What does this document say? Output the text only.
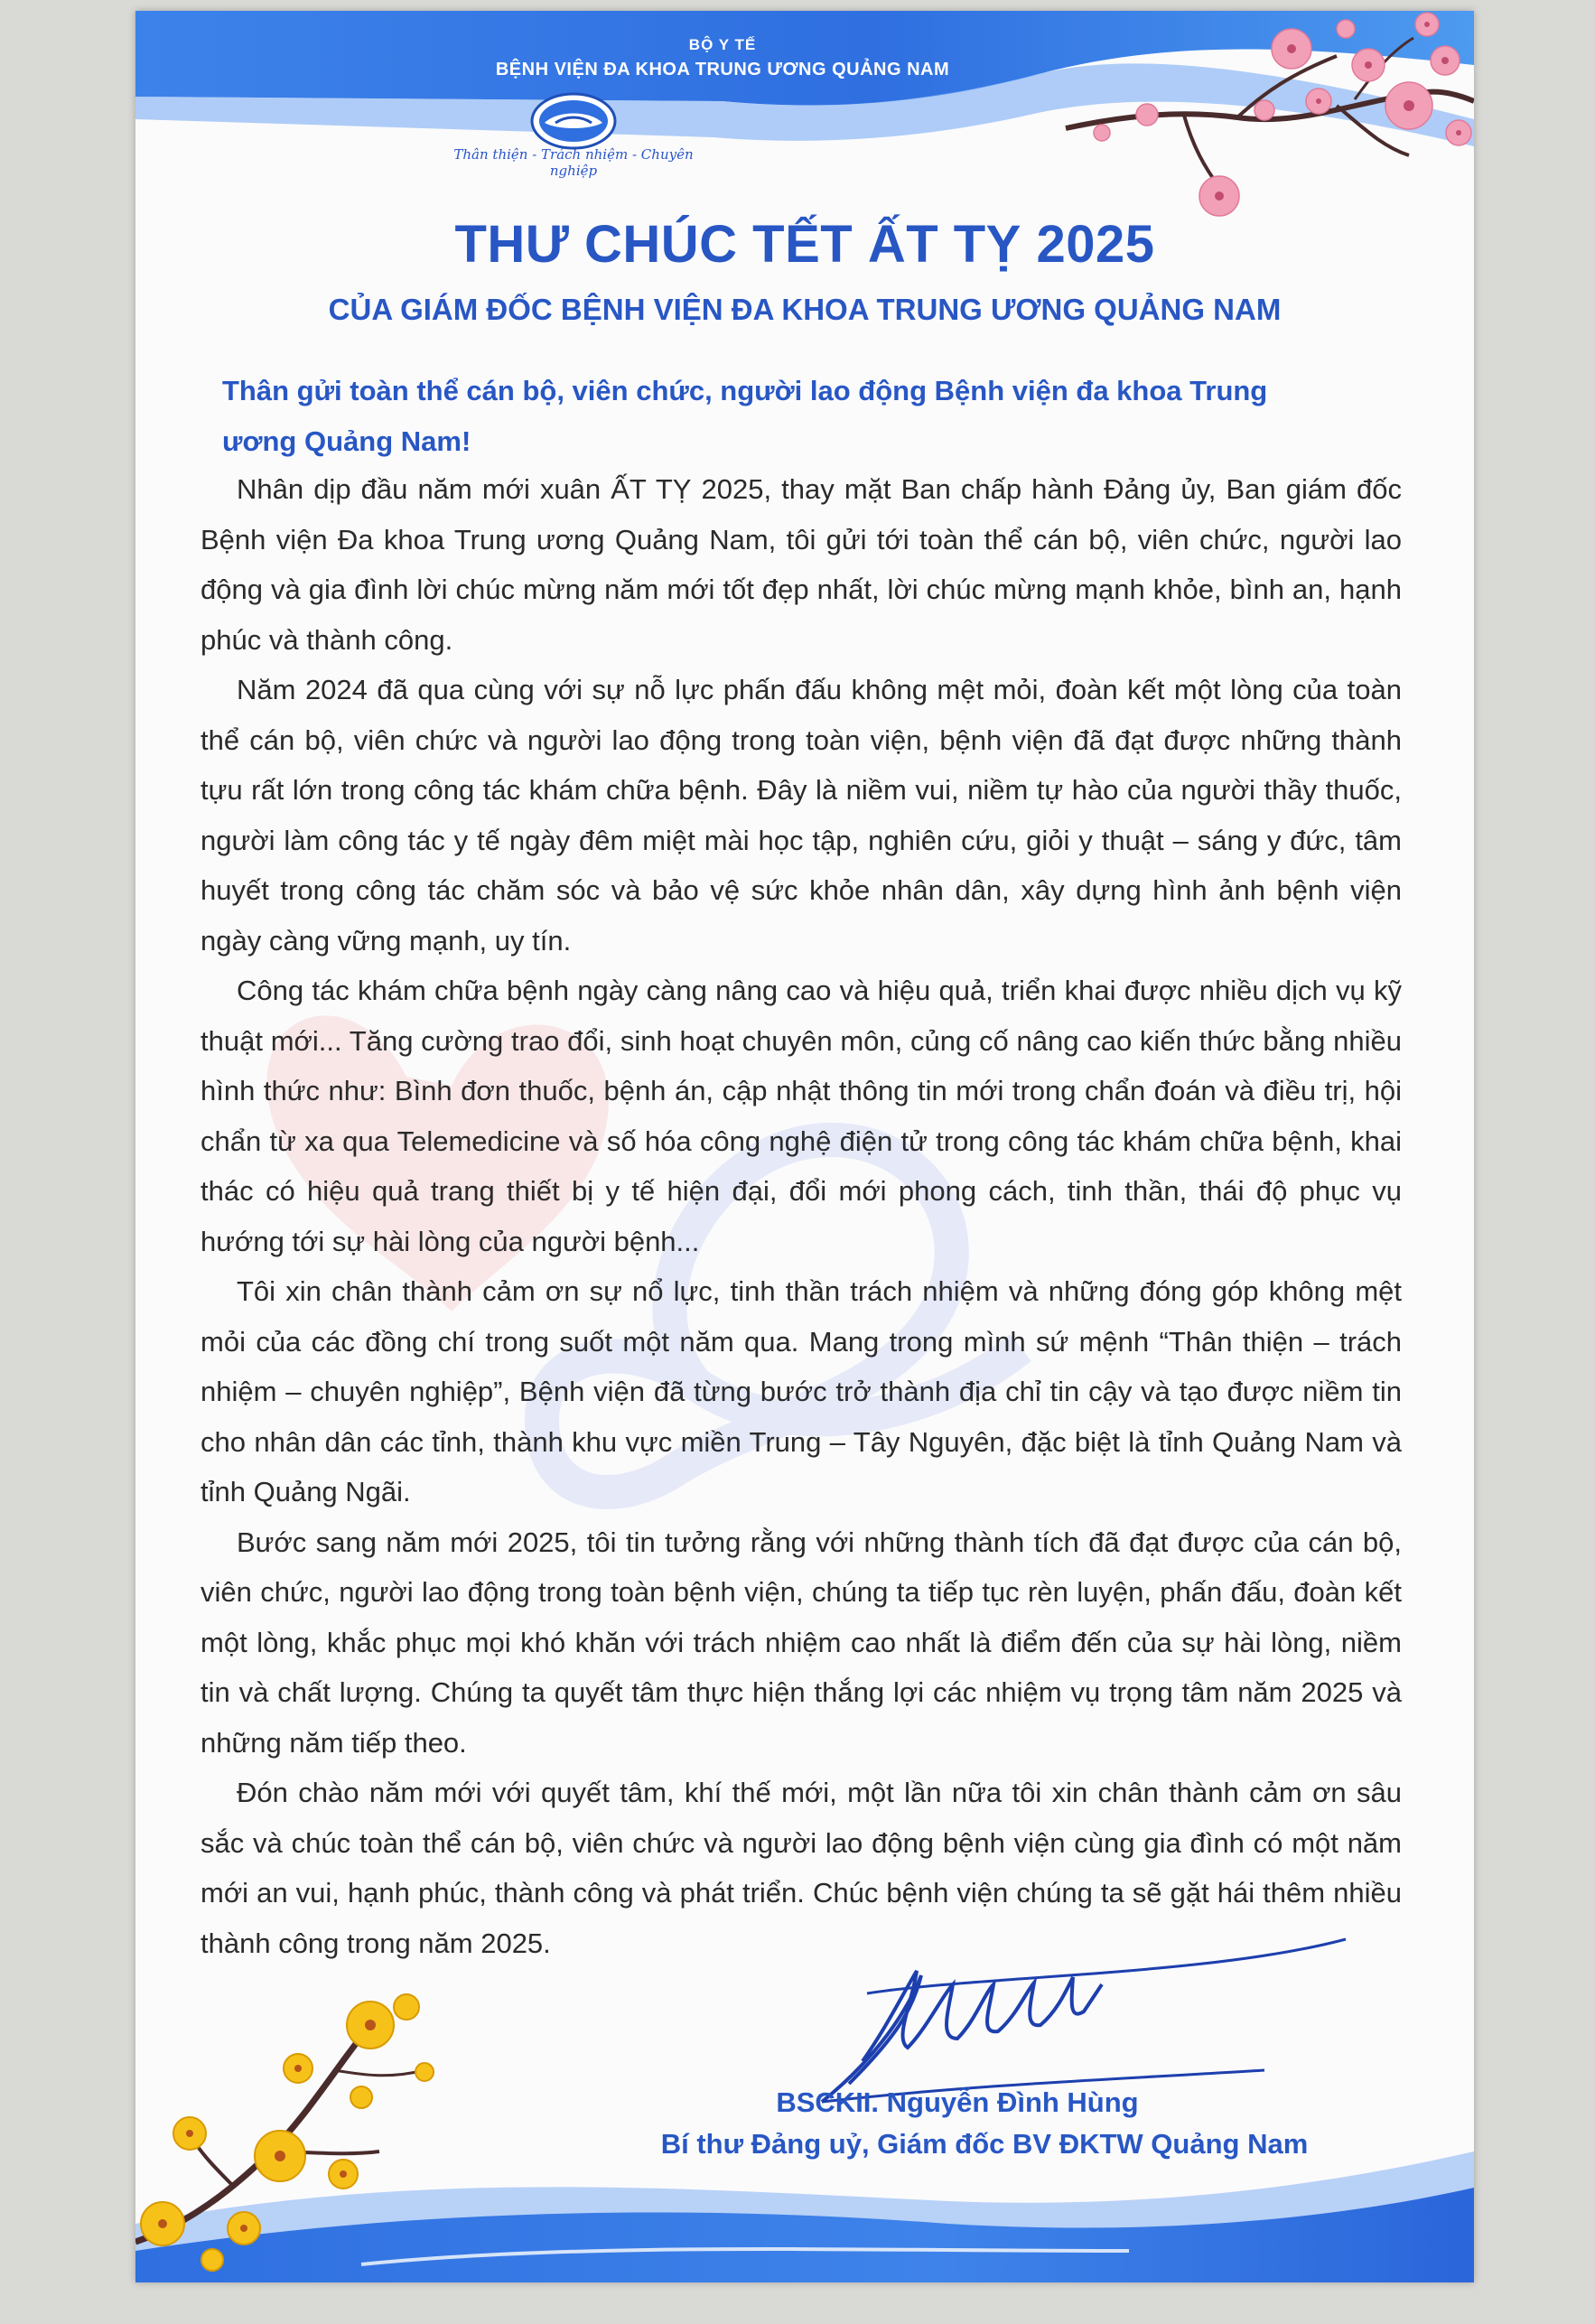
BỘ Y TẾ
BỆNH VIỆN ĐA KHOA TRUNG ƯƠNG QUẢNG NAM
Thân thiện - Trách nhiệm - Chuyên nghiệp
THƯ CHÚC TẾT ẤT TỴ 2025
CỦA GIÁM ĐỐC BỆNH VIỆN ĐA KHOA TRUNG ƯƠNG QUẢNG NAM
Thân gửi toàn thể cán bộ, viên chức, người lao động Bệnh viện đa khoa Trung ương Quảng Nam!

Nhân dịp đầu năm mới xuân ẤT TỴ 2025, thay mặt Ban chấp hành Đảng ủy, Ban giám đốc Bệnh viện Đa khoa Trung ương Quảng Nam, tôi gửi tới toàn thể cán bộ, viên chức, người lao động và gia đình lời chúc mừng năm mới tốt đẹp nhất, lời chúc mừng mạnh khỏe, bình an, hạnh phúc và thành công.

Năm 2024 đã qua cùng với sự nỗ lực phấn đấu không mệt mỏi, đoàn kết một lòng của toàn thể cán bộ, viên chức và người lao động trong toàn viện, bệnh viện đã đạt được những thành tựu rất lớn trong công tác khám chữa bệnh. Đây là niềm vui, niềm tự hào của người thầy thuốc, người làm công tác y tế ngày đêm miệt mài học tập, nghiên cứu, giỏi y thuật – sáng y đức, tâm huyết trong công tác chăm sóc và bảo vệ sức khỏe nhân dân, xây dựng hình ảnh bệnh viện ngày càng vững mạnh, uy tín.

Công tác khám chữa bệnh ngày càng nâng cao và hiệu quả, triển khai được nhiều dịch vụ kỹ thuật mới... Tăng cường trao đổi, sinh hoạt chuyên môn, củng cố nâng cao kiến thức bằng nhiều hình thức như: Bình đơn thuốc, bệnh án, cập nhật thông tin mới trong chẩn đoán và điều trị, hội chẩn từ xa qua Telemedicine và số hóa công nghệ điện tử trong công tác khám chữa bệnh, khai thác có hiệu quả trang thiết bị y tế hiện đại, đổi mới phong cách, tinh thần, thái độ phục vụ hướng tới sự hài lòng của người bệnh...

Tôi xin chân thành cảm ơn sự nổ lực, tinh thần trách nhiệm và những đóng góp không mệt mỏi của các đồng chí trong suốt một năm qua. Mang trong mình sứ mệnh “Thân thiện – trách nhiệm – chuyên nghiệp”, Bệnh viện đã từng bước trở thành địa chỉ tin cậy và tạo được niềm tin cho nhân dân các tỉnh, thành khu vực miền Trung – Tây Nguyên, đặc biệt là tỉnh Quảng Nam và tỉnh Quảng Ngãi.

Bước sang năm mới 2025, tôi tin tưởng rằng với những thành tích đã đạt được của cán bộ, viên chức, người lao động trong toàn bệnh viện, chúng ta tiếp tục rèn luyện, phấn đấu, đoàn kết một lòng, khắc phục mọi khó khăn với trách nhiệm cao nhất là điểm đến của sự hài lòng, niềm tin và chất lượng. Chúng ta quyết tâm thực hiện thắng lợi các nhiệm vụ trọng tâm năm 2025 và những năm tiếp theo.

Đón chào năm mới với quyết tâm, khí thế mới, một lần nữa tôi xin chân thành cảm ơn sâu sắc và chúc toàn thể cán bộ, viên chức và người lao động bệnh viện cùng gia đình có một năm mới an vui, hạnh phúc, thành công và phát triển. Chúc bệnh viện chúng ta sẽ gặt hái thêm nhiều thành công trong năm 2025.

BSCKII. Nguyễn Đình Hùng
Bí thư Đảng uỷ, Giám đốc BV ĐKTW Quảng Nam
